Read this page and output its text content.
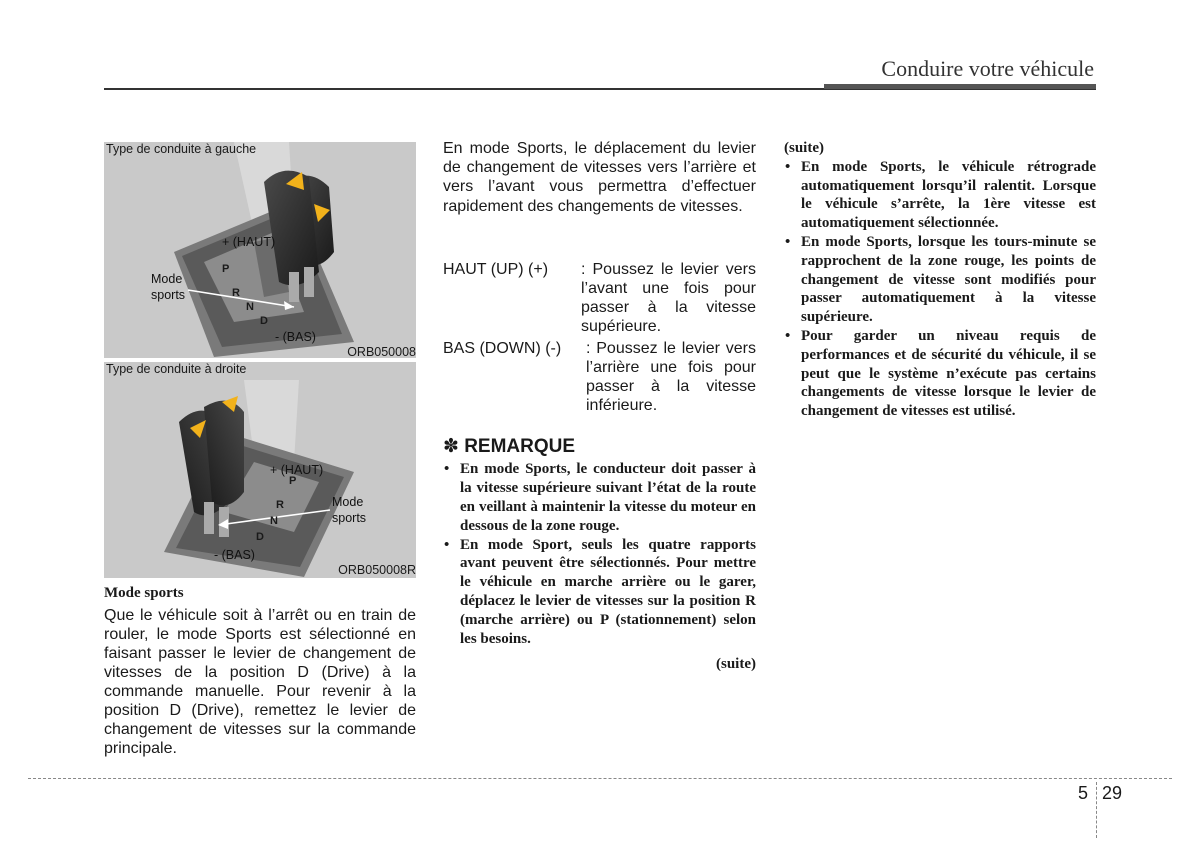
Conduire votre véhicule
P
R
N
D
Type de conduite à gauche
+ (HAUT)
Mode
sports
- (BAS)
ORB050008
P
R
N
D
Type de conduite à droite
+ (HAUT)
Mode
sports
- (BAS)
ORB050008R
Mode sports
Que le véhicule soit à l’arrêt ou en train de rouler, le mode Sports est sélectionné en faisant passer le levier de changement de vitesses de la position D (Drive) à la commande manuelle. Pour revenir à la position D (Drive), remettez le levier de changement de vitesses sur la commande principale.
En mode Sports, le déplacement du levier de changement de vitesses vers l’arrière et vers l’avant vous permettra d’effectuer rapidement des changements de vitesses.
HAUT (UP) (+)	: Poussez le levier vers l’avant une fois pour passer à la vitesse supérieure.
BAS (DOWN) (-)	: Poussez le levier vers l’arrière une fois pour passer à la vitesse inférieure.
✽ REMARQUE
• En mode Sports, le conducteur doit passer à la vitesse supérieure suivant l’état de la route en veillant à maintenir la vitesse du moteur en dessous de la zone rouge.
• En mode Sport, seuls les quatre rapports avant peuvent être sélectionnés. Pour mettre le véhicule en marche arrière ou le garer, déplacez le levier de vitesses sur la position R (marche arrière) ou P (stationnement) selon les besoins.
(suite)
(suite)
• En mode Sports, le véhicule rétrograde automatiquement lorsqu’il ralentit. Lorsque le véhicule s’arrête, la 1ère vitesse est automatiquement sélectionnée.
• En mode Sports, lorsque les tours-minute se rapprochent de la zone rouge, les points de changement de vitesse sont modifiés pour passer automatiquement à la vitesse supérieure.
• Pour garder un niveau requis de performances et de sécurité du véhicule, il se peut que le système n’exécute pas certains changements de vitesse lorsque le levier de changement de vitesses est utilisé.
5 29
